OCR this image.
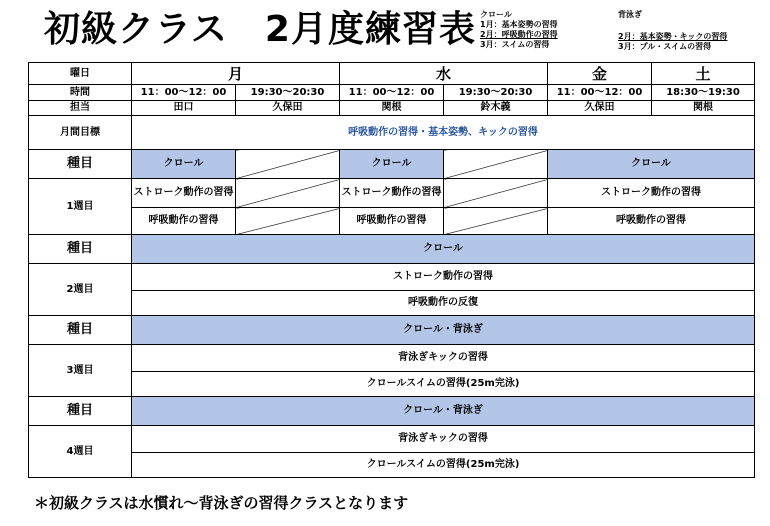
初級クラス　2月度練習表 クロール
1月：基本姿勢の習得
2月：呼吸動作の習得
3月：スイムの習得
背泳ぎ
2月：基本姿勢・キックの習得
3月：プル・スイムの習得
曜日	月		水		金	土
時間	11：00～12：00	19:30～20:30	11：00～12：00	19:30～20:30	11：00～12：00	18:30～19:30
担当	田口	久保田	関根	鈴木義	久保田	関根
月間目標	呼吸動作の習得・基本姿勢、キックの習得					
種目	クロール		クロール		クロール	
1週目	ストローク動作の習得		ストローク動作の習得		ストローク動作の習得	
	呼吸動作の習得		呼吸動作の習得		呼吸動作の習得	
種目	クロール					
2週目	ストローク動作の習得					
	呼吸動作の反復					
種目	クロール・背泳ぎ					
3週目	背泳ぎキックの習得					
	クロールスイムの習得(25m完泳)					
種目	クロール・背泳ぎ					
4週目	背泳ぎキックの習得					
	クロールスイムの習得(25m完泳)					
＊初級クラスは水慣れ～背泳ぎの習得クラスとなります
